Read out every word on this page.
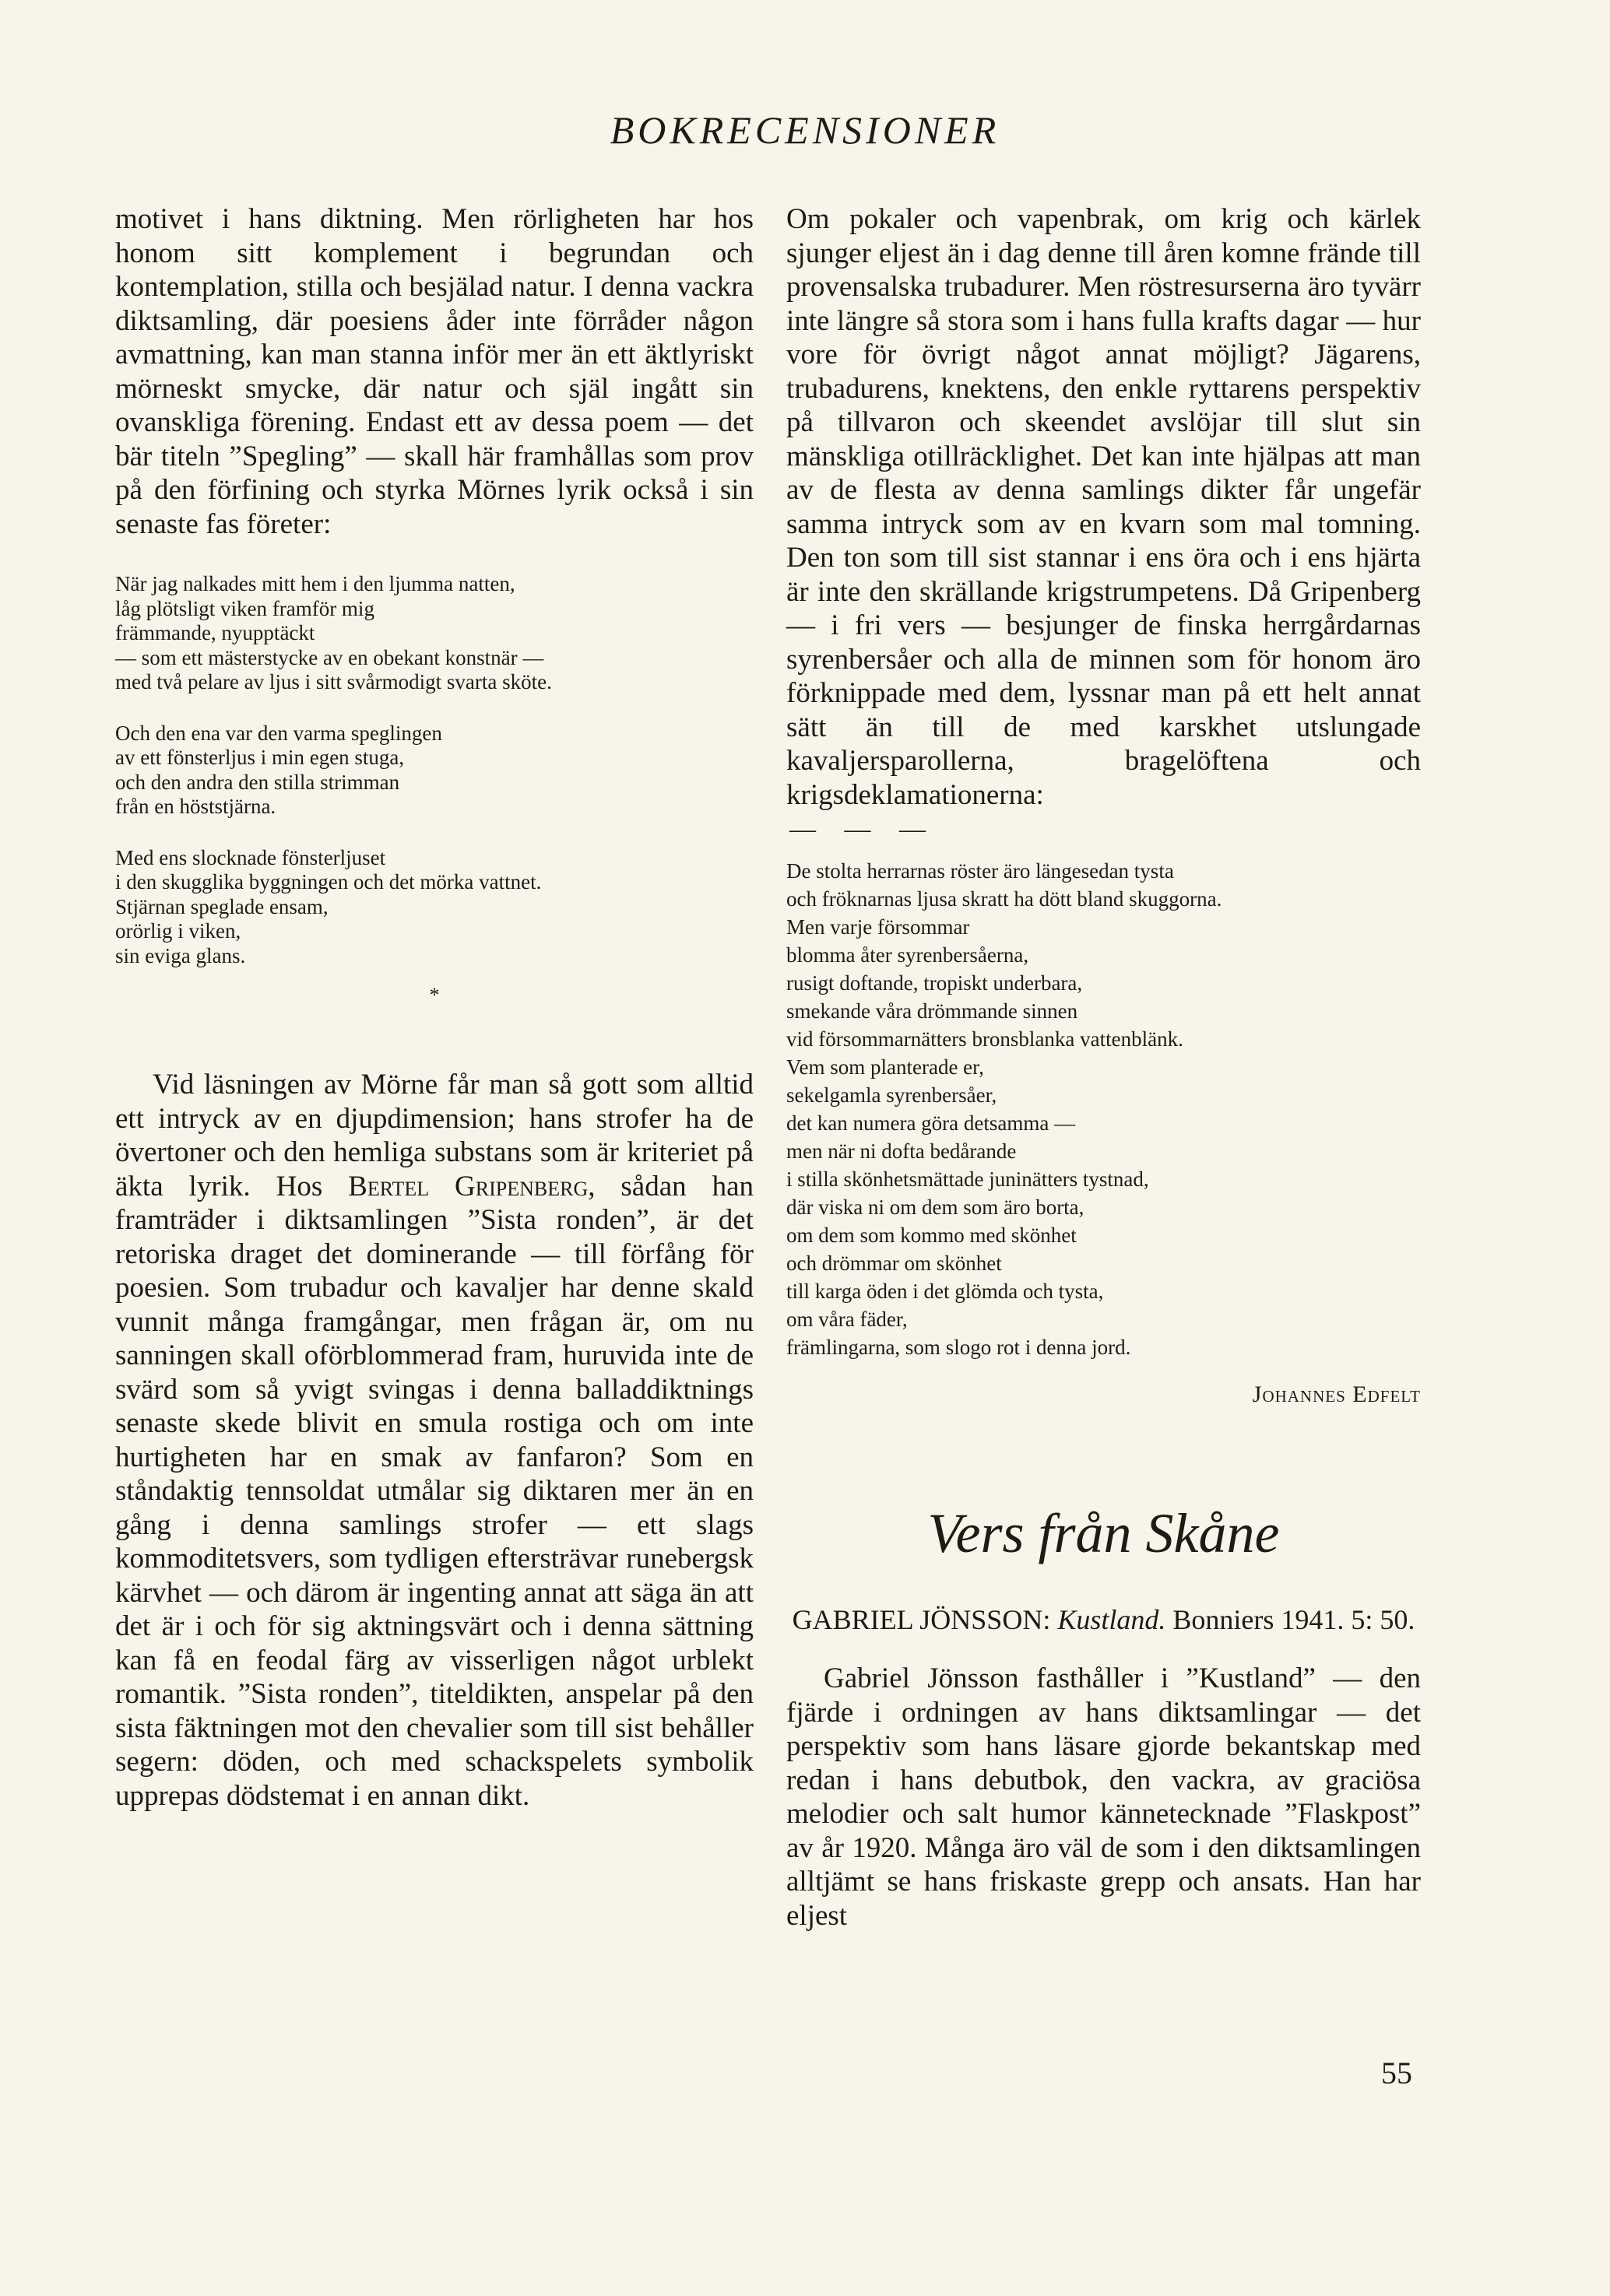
BOKRECENSIONER

motivet i hans diktning. Men rörligheten har hos honom sitt komplement i begrundan och kontemplation, stilla och besjälad natur. I denna vackra diktsamling, där poesiens åder inte förråder någon avmattning, kan man stanna inför mer än ett äktlyriskt mörneskt smycke, där natur och själ ingått sin ovanskliga förening. Endast ett av dessa poem — det bär titeln ”Spegling” — skall här framhållas som prov på den förfining och styrka Mörnes lyrik också i sin senaste fas företer:

När jag nalkades mitt hem i den ljumma natten,
låg plötsligt viken framför mig
främmande, nyupptäckt
— som ett mästerstycke av en obekant konstnär —
med två pelare av ljus i sitt svårmodigt svarta sköte.
Och den ena var den varma speglingen
av ett fönsterljus i min egen stuga,
och den andra den stilla strimman
från en höststjärna.
Med ens slocknade fönsterljuset
i den skugglika byggningen och det mörka vattnet.
Stjärnan speglade ensam,
orörlig i viken,
sin eviga glans.
*

Vid läsningen av Mörne får man så gott som alltid ett intryck av en djupdimension; hans strofer ha de övertoner och den hemliga substans som är kriteriet på äkta lyrik. Hos Bertel Gripenberg, sådan han framträder i diktsamlingen ”Sista ronden”, är det retoriska draget det dominerande — till förfång för poesien. Som trubadur och kavaljer har denne skald vunnit många framgångar, men frågan är, om nu sanningen skall oförblommerad fram, huruvida inte de svärd som så yvigt svingas i denna balladdiktnings senaste skede blivit en smula rostiga och om inte hurtigheten har en smak av fanfaron? Som en ståndaktig tennsoldat utmålar sig diktaren mer än en gång i denna samlings strofer — ett slags kommoditetsvers, som tydligen eftersträvar runebergsk kärvhet — och därom är ingenting annat att säga än att det är i och för sig aktningsvärt och i denna sättning kan få en feodal färg av visserligen något urblekt romantik. ”Sista ronden”, titeldikten, anspelar på den sista fäktningen mot den chevalier som till sist behåller segern: döden, och med schackspelets symbolik upprepas dödstemat i en annan dikt.

Om pokaler och vapenbrak, om krig och kärlek sjunger eljest än i dag denne till åren komne frände till provensalska trubadurer. Men röstresurserna äro tyvärr inte längre så stora som i hans fulla krafts dagar — hur vore för övrigt något annat möjligt? Jägarens, trubadurens, knektens, den enkle ryttarens perspektiv på tillvaron och skeendet avslöjar till slut sin mänskliga otillräcklighet. Det kan inte hjälpas att man av de flesta av denna samlings dikter får ungefär samma intryck som av en kvarn som mal tomning. Den ton som till sist stannar i ens öra och i ens hjärta är inte den skrällande krigstrumpetens. Då Gripenberg — i fri vers — besjunger de finska herrgårdarnas syrenbersåer och alla de minnen som för honom äro förknippade med dem, lyssnar man på ett helt annat sätt än till de med karskhet utslungade kavaljersparollerna, bragelöftena och krigsdeklamationerna:

— — —
De stolta herrarnas röster äro längesedan tysta
och fröknarnas ljusa skratt ha dött bland skuggorna.
Men varje försommar
blomma åter syrenbersåerna,
rusigt doftande, tropiskt underbara,
smekande våra drömmande sinnen
vid försommarnätters bronsblanka vattenblänk.
Vem som planterade er,
sekelgamla syrenbersåer,
det kan numera göra detsamma —
men när ni dofta bedårande
i stilla skönhetsmättade juninätters tystnad,
där viska ni om dem som äro borta,
om dem som kommo med skönhet
och drömmar om skönhet
till karga öden i det glömda och tysta,
om våra fäder,
främlingarna, som slogo rot i denna jord.
Johannes Edfelt
Vers från Skåne
GABRIEL JÖNSSON: Kustland. Bonniers 1941. 5: 50.

Gabriel Jönsson fasthåller i ”Kustland” — den fjärde i ordningen av hans diktsamlingar — det perspektiv som hans läsare gjorde bekantskap med redan i hans debutbok, den vackra, av graciösa melodier och salt humor kännetecknade ”Flaskpost” av år 1920. Många äro väl de som i den diktsamlingen alltjämt se hans friskaste grepp och ansats. Han har eljest

55
